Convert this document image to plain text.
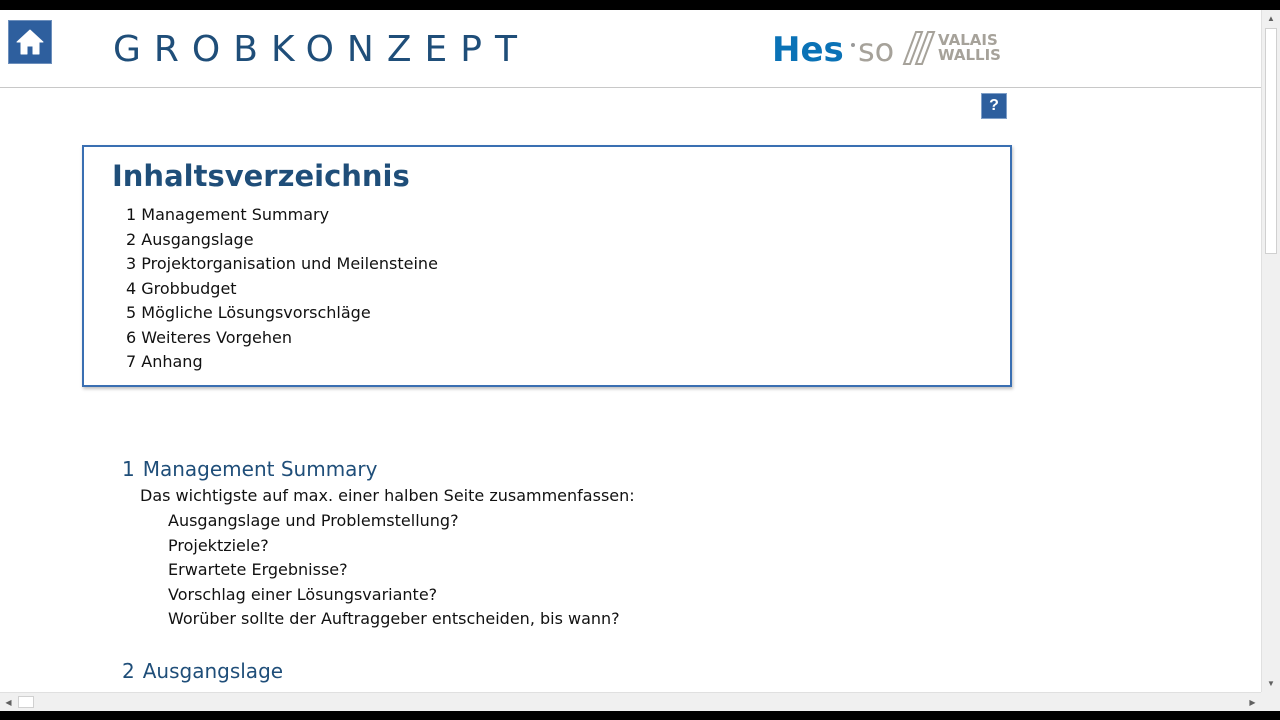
GROBKONZEPT	Hes so	VALAIS
WALLIS
?
Inhaltsverzeichnis
1 Management Summary
2 Ausgangslage
3 Projektorganisation und Meilensteine
4 Grobbudget
5 Mögliche Lösungsvorschläge
6 Weiteres Vorgehen
7 Anhang
1 Management Summary
Das wichtigste auf max. einer halben Seite zusammenfassen:
Ausgangslage und Problemstellung?
Projektziele?
Erwartete Ergebnisse?
Vorschlag einer Lösungsvariante?
Worüber sollte der Auftraggeber entscheiden, bis wann?
2 Ausgangslage
▲
▼
◀	▶
